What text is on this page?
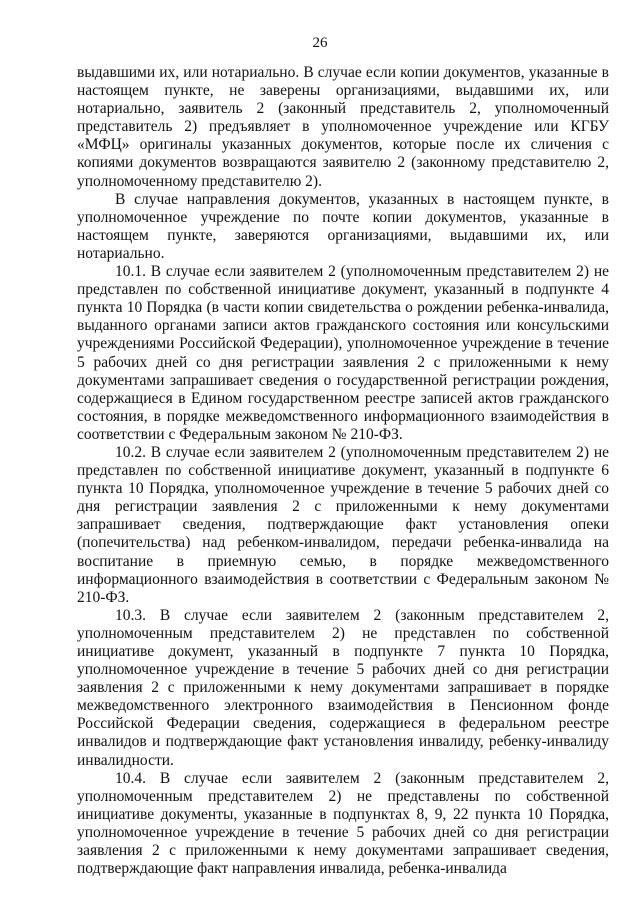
26

выдавшими их, или нотариально. В случае если копии документов, указанные в настоящем пункте, не заверены организациями, выдавшими их, или нотариально, заявитель 2 (законный представитель 2, уполномоченный представитель 2) предъявляет в уполномоченное учреждение или КГБУ «МФЦ» оригиналы указанных документов, которые после их сличения с копиями документов возвращаются заявителю 2 (законному представителю 2, уполномоченному представителю 2).

В случае направления документов, указанных в настоящем пункте, в уполномоченное учреждение по почте копии документов, указанные в настоящем пункте, заверяются организациями, выдавшими их, или нотариально.

10.1. В случае если заявителем 2 (уполномоченным представителем 2) не представлен по собственной инициативе документ, указанный в подпункте 4 пункта 10 Порядка (в части копии свидетельства о рождении ребенка-инвалида, выданного органами записи актов гражданского состояния или консульскими учреждениями Российской Федерации), уполномоченное учреждение в течение 5 рабочих дней со дня регистрации заявления 2 с приложенными к нему документами запрашивает сведения о государственной регистрации рождения, содержащиеся в Едином государственном реестре записей актов гражданского состояния, в порядке межведомственного информационного взаимодействия в соответствии с Федеральным законом № 210-ФЗ.

10.2. В случае если заявителем 2 (уполномоченным представителем 2) не представлен по собственной инициативе документ, указанный в подпункте 6 пункта 10 Порядка, уполномоченное учреждение в течение 5 рабочих дней со дня регистрации заявления 2 с приложенными к нему документами запрашивает сведения, подтверждающие факт установления опеки (попечительства) над ребенком-инвалидом, передачи ребенка-инвалида на воспитание в приемную семью, в порядке межведомственного информационного взаимодействия в соответствии с Федеральным законом № 210-ФЗ.

10.3. В случае если заявителем 2 (законным представителем 2, уполномоченным представителем 2) не представлен по собственной инициативе документ, указанный в подпункте 7 пункта 10 Порядка, уполномоченное учреждение в течение 5 рабочих дней со дня регистрации заявления 2 с приложенными к нему документами запрашивает в порядке межведомственного электронного взаимодействия в Пенсионном фонде Российской Федерации сведения, содержащиеся в федеральном реестре инвалидов и подтверждающие факт установления инвалиду, ребенку-инвалиду инвалидности.

10.4. В случае если заявителем 2 (законным представителем 2, уполномоченным представителем 2) не представлены по собственной инициативе документы, указанные в подпунктах 8, 9, 22 пункта 10 Порядка, уполномоченное учреждение в течение 5 рабочих дней со дня регистрации заявления 2 с приложенными к нему документами запрашивает сведения, подтверждающие факт направления инвалида, ребенка-инвалида
